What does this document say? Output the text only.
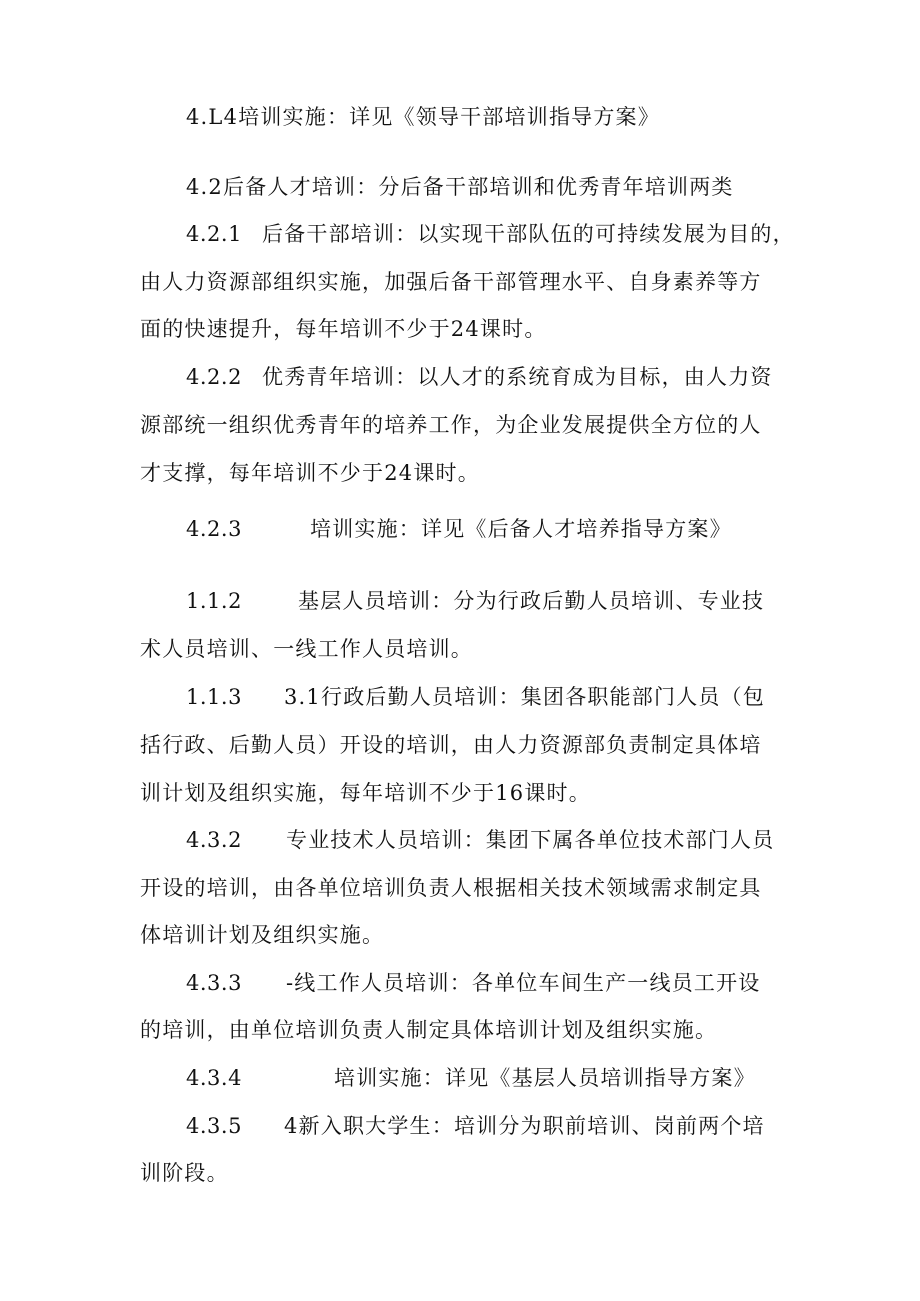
4.L4培训实施：详见《领导干部培训指导方案》
4.2后备人才培训：分后备干部培训和优秀青年培训两类
4.2.1 后备干部培训：以实现干部队伍的可持续发展为目的，
由人力资源部组织实施，加强后备干部管理水平、自身素养等方
面的快速提升，每年培训不少于24课时。
4.2.2 优秀青年培训：以人才的系统育成为目标，由人力资
源部统一组织优秀青年的培养工作，为企业发展提供全方位的人
才支撑，每年培训不少于24课时。
4.2.3	培训实施：详见《后备人才培养指导方案》
1.1.2	基层人员培训：分为行政后勤人员培训、专业技
术人员培训、一线工作人员培训。
1.1.3 3.1行政后勤人员培训：集团各职能部门人员（包
括行政、后勤人员）开设的培训，由人力资源部负责制定具体培
训计划及组织实施，每年培训不少于16课时。
4.3.2 专业技术人员培训：集团下属各单位技术部门人员
开设的培训，由各单位培训负责人根据相关技术领域需求制定具
体培训计划及组织实施。
4.3.3 -线工作人员培训：各单位车间生产一线员工开设
的培训，由单位培训负责人制定具体培训计划及组织实施。
4.3.4	培训实施：详见《基层人员培训指导方案》
4.3.5 4新入职大学生：培训分为职前培训、岗前两个培
训阶段。
